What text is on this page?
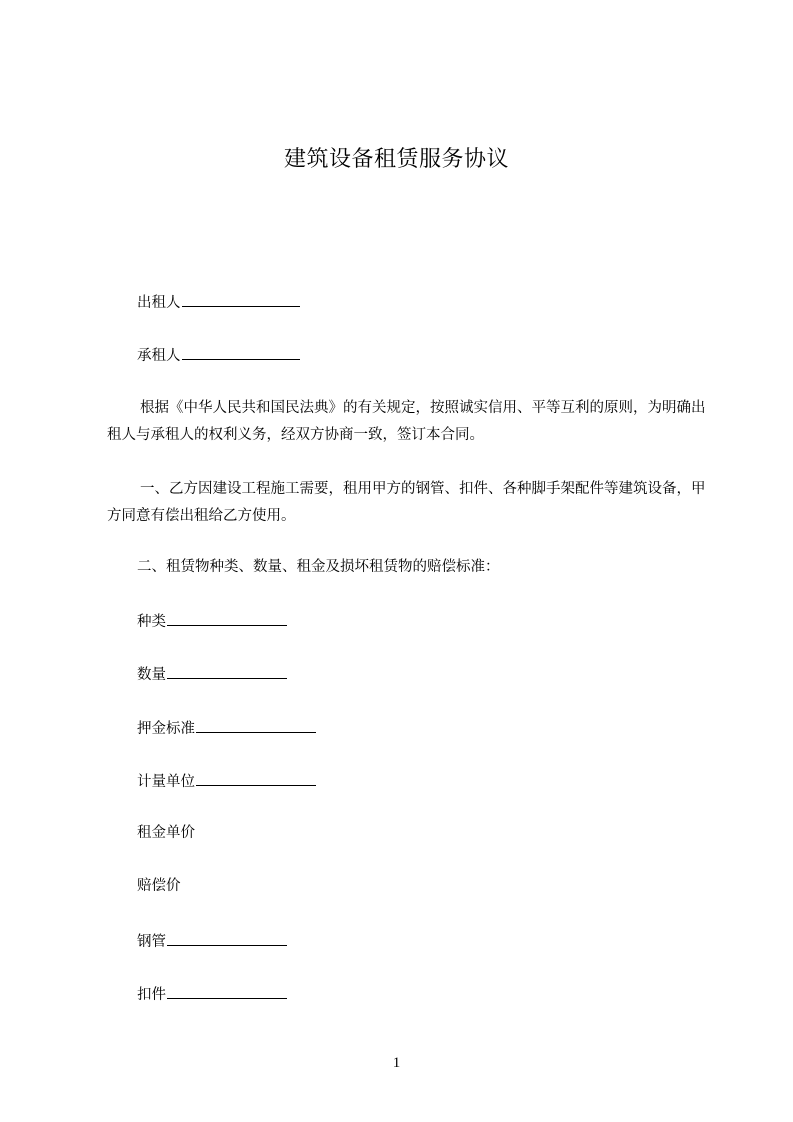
建筑设备租赁服务协议
出租人
承租人
根据《中华人民共和国民法典》的有关规定，按照诚实信用、平等互利的原则，为明确出租人与承租人的权利义务，经双方协商一致，签订本合同。
一、乙方因建设工程施工需要，租用甲方的钢管、扣件、各种脚手架配件等建筑设备，甲方同意有偿出租给乙方使用。
二、租赁物种类、数量、租金及损坏租赁物的赔偿标准：
种类
数量
押金标准
计量单位
租金单价
赔偿价
钢管
扣件
1
